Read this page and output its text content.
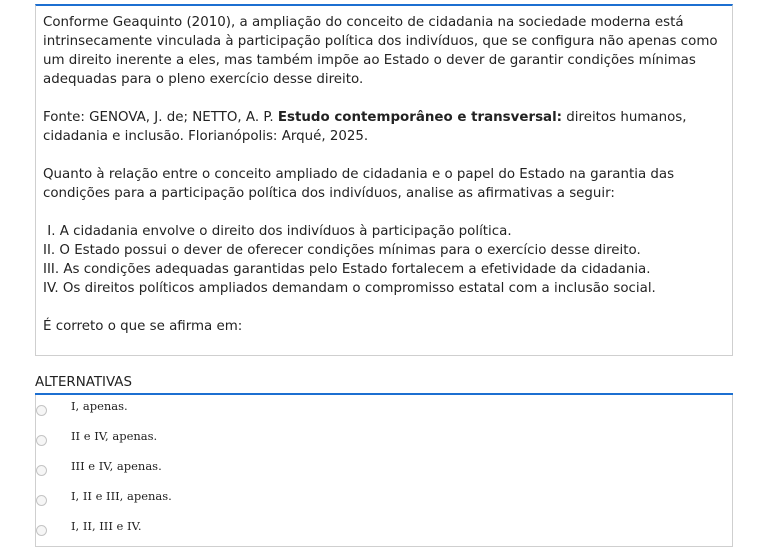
Conforme Geaquinto (2010), a ampliação do conceito de cidadania na sociedade moderna está intrinsecamente vinculada à participação política dos indivíduos, que se configura não apenas como um direito inerente a eles, mas também impõe ao Estado o dever de garantir condições mínimas adequadas para o pleno exercício desse direito.

Fonte: GENOVA, J. de; NETTO, A. P. Estudo contemporâneo e transversal: direitos humanos, cidadania e inclusão. Florianópolis: Arqué, 2025.

Quanto à relação entre o conceito ampliado de cidadania e o papel do Estado na garantia das condições para a participação política dos indivíduos, analise as afirmativas a seguir:

I. A cidadania envolve o direito dos indivíduos à participação política.

II. O Estado possui o dever de oferecer condições mínimas para o exercício desse direito.

III. As condições adequadas garantidas pelo Estado fortalecem a efetividade da cidadania.

IV. Os direitos políticos ampliados demandam o compromisso estatal com a inclusão social.

É correto o que se afirma em:

ALTERNATIVAS
I, apenas.
II e IV, apenas.
III e IV, apenas.
I, II e III, apenas.
I, II, III e IV.
